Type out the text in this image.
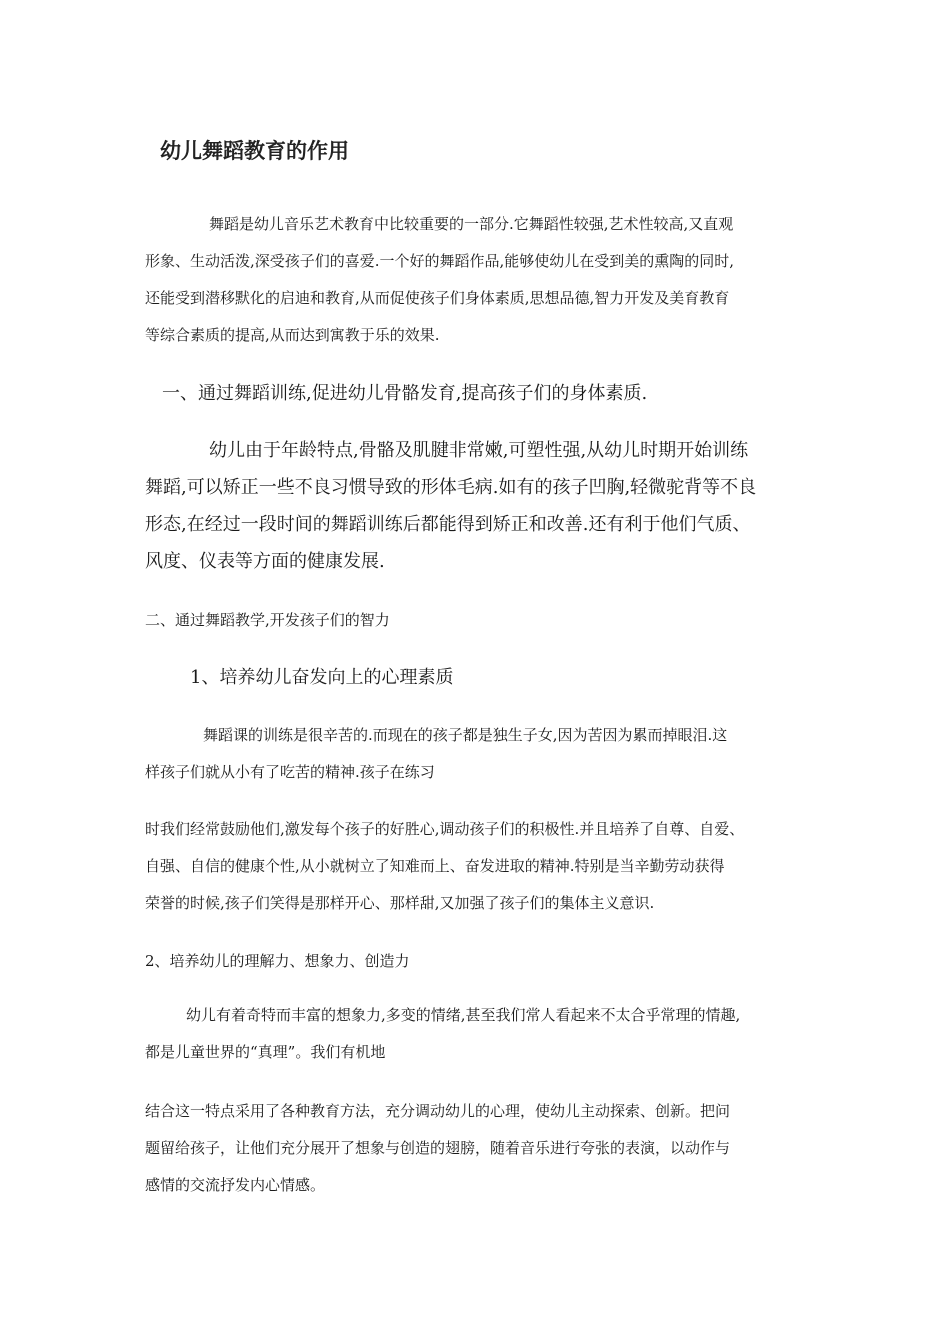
幼儿舞蹈教育的作用
舞蹈是幼儿音乐艺术教育中比较重要的一部分.它舞蹈性较强,艺术性较高,又直观
形象、生动活泼,深受孩子们的喜爱.一个好的舞蹈作品,能够使幼儿在受到美的熏陶的同时,
还能受到潜移默化的启迪和教育,从而促使孩子们身体素质,思想品德,智力开发及美育教育
等综合素质的提高,从而达到寓教于乐的效果.
一、通过舞蹈训练,促进幼儿骨骼发育,提高孩子们的身体素质.
幼儿由于年龄特点,骨骼及肌腱非常嫩,可塑性强,从幼儿时期开始训练
舞蹈,可以矫正一些不良习惯导致的形体毛病.如有的孩子凹胸,轻微驼背等不良
形态,在经过一段时间的舞蹈训练后都能得到矫正和改善.还有利于他们气质、
风度、仪表等方面的健康发展.
二、通过舞蹈教学,开发孩子们的智力
1、培养幼儿奋发向上的心理素质
舞蹈课的训练是很辛苦的.而现在的孩子都是独生子女,因为苦因为累而掉眼泪.这
样孩子们就从小有了吃苦的精神.孩子在练习
时我们经常鼓励他们,激发每个孩子的好胜心,调动孩子们的积极性.并且培养了自尊、自爱、
自强、自信的健康个性,从小就树立了知难而上、奋发进取的精神.特别是当辛勤劳动获得
荣誉的时候,孩子们笑得是那样开心、那样甜,又加强了孩子们的集体主义意识.
2、培养幼儿的理解力、想象力、创造力
幼儿有着奇特而丰富的想象力,多变的情绪,甚至我们常人看起来不太合乎常理的情趣,
都是儿童世界的“真理”。我们有机地
结合这一特点采用了各种教育方法，充分调动幼儿的心理，使幼儿主动探索、创新。把问
题留给孩子，让他们充分展开了想象与创造的翅膀，随着音乐进行夸张的表演，以动作与
感情的交流抒发内心情感。
